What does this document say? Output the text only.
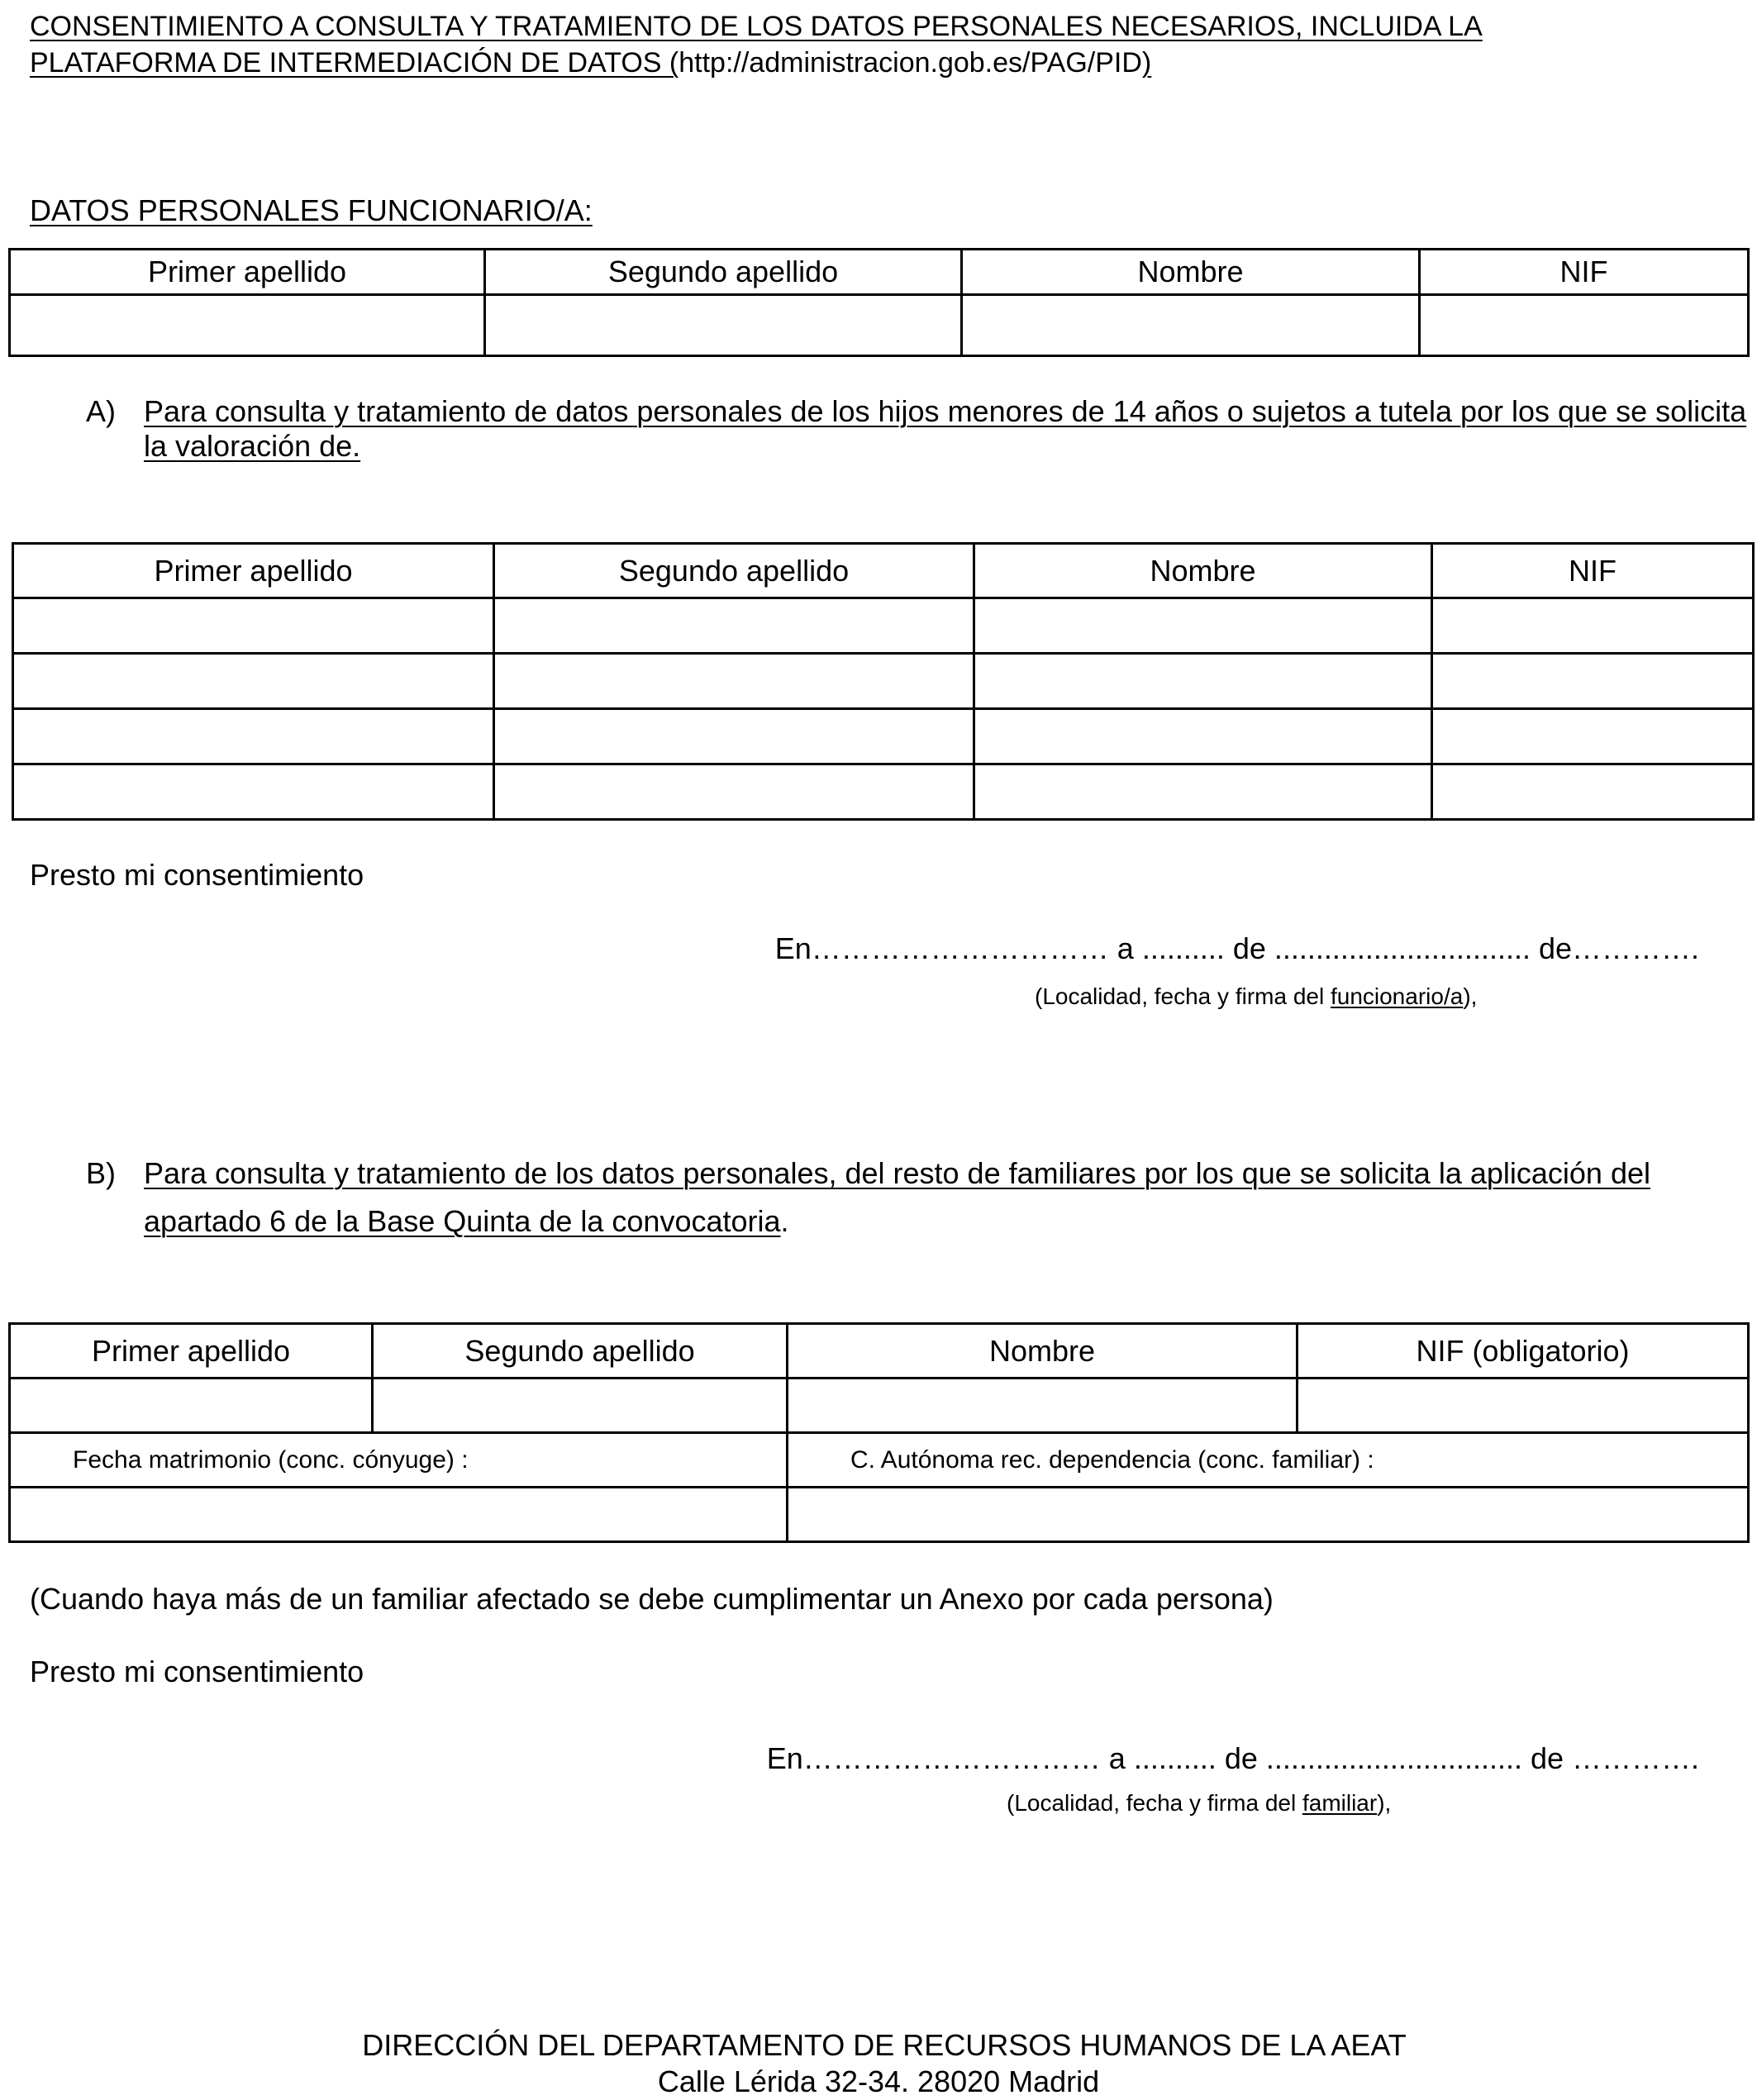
CONSENTIMIENTO A CONSULTA Y TRATAMIENTO DE LOS DATOS PERSONALES NECESARIOS, INCLUIDA LA
PLATAFORMA DE INTERMEDIACIÓN DE DATOS (http://administracion.gob.es/PAG/PID)
DATOS PERSONALES FUNCIONARIO/A:
Primer apellido	Segundo apellido	Nombre	NIF

A) Para consulta y tratamiento de datos personales de los hijos menores de 14 años o sujetos a tutela por los que se solicita la valoración de.
Primer apellido	Segundo apellido	Nombre	NIF

Presto mi consentimiento
En………………………… a .......... de ............................... de………….
(Localidad, fecha y firma del funcionario/a),
B) Para consulta y tratamiento de los datos personales, del resto de familiares por los que se solicita la aplicación del apartado 6 de la Base Quinta de la convocatoria.
Primer apellido	Segundo apellido	Nombre	NIF (obligatorio)

Fecha matrimonio (conc. cónyuge) :		C. Autónoma rec. dependencia (conc. familiar) :	

(Cuando haya más de un familiar afectado se debe cumplimentar un Anexo por cada persona)
Presto mi consentimiento
En………………………… a .......... de ............................... de ………….
(Localidad, fecha y firma del familiar),
DIRECCIÓN DEL DEPARTAMENTO DE RECURSOS HUMANOS DE LA AEAT
Calle Lérida 32-34. 28020 Madrid
